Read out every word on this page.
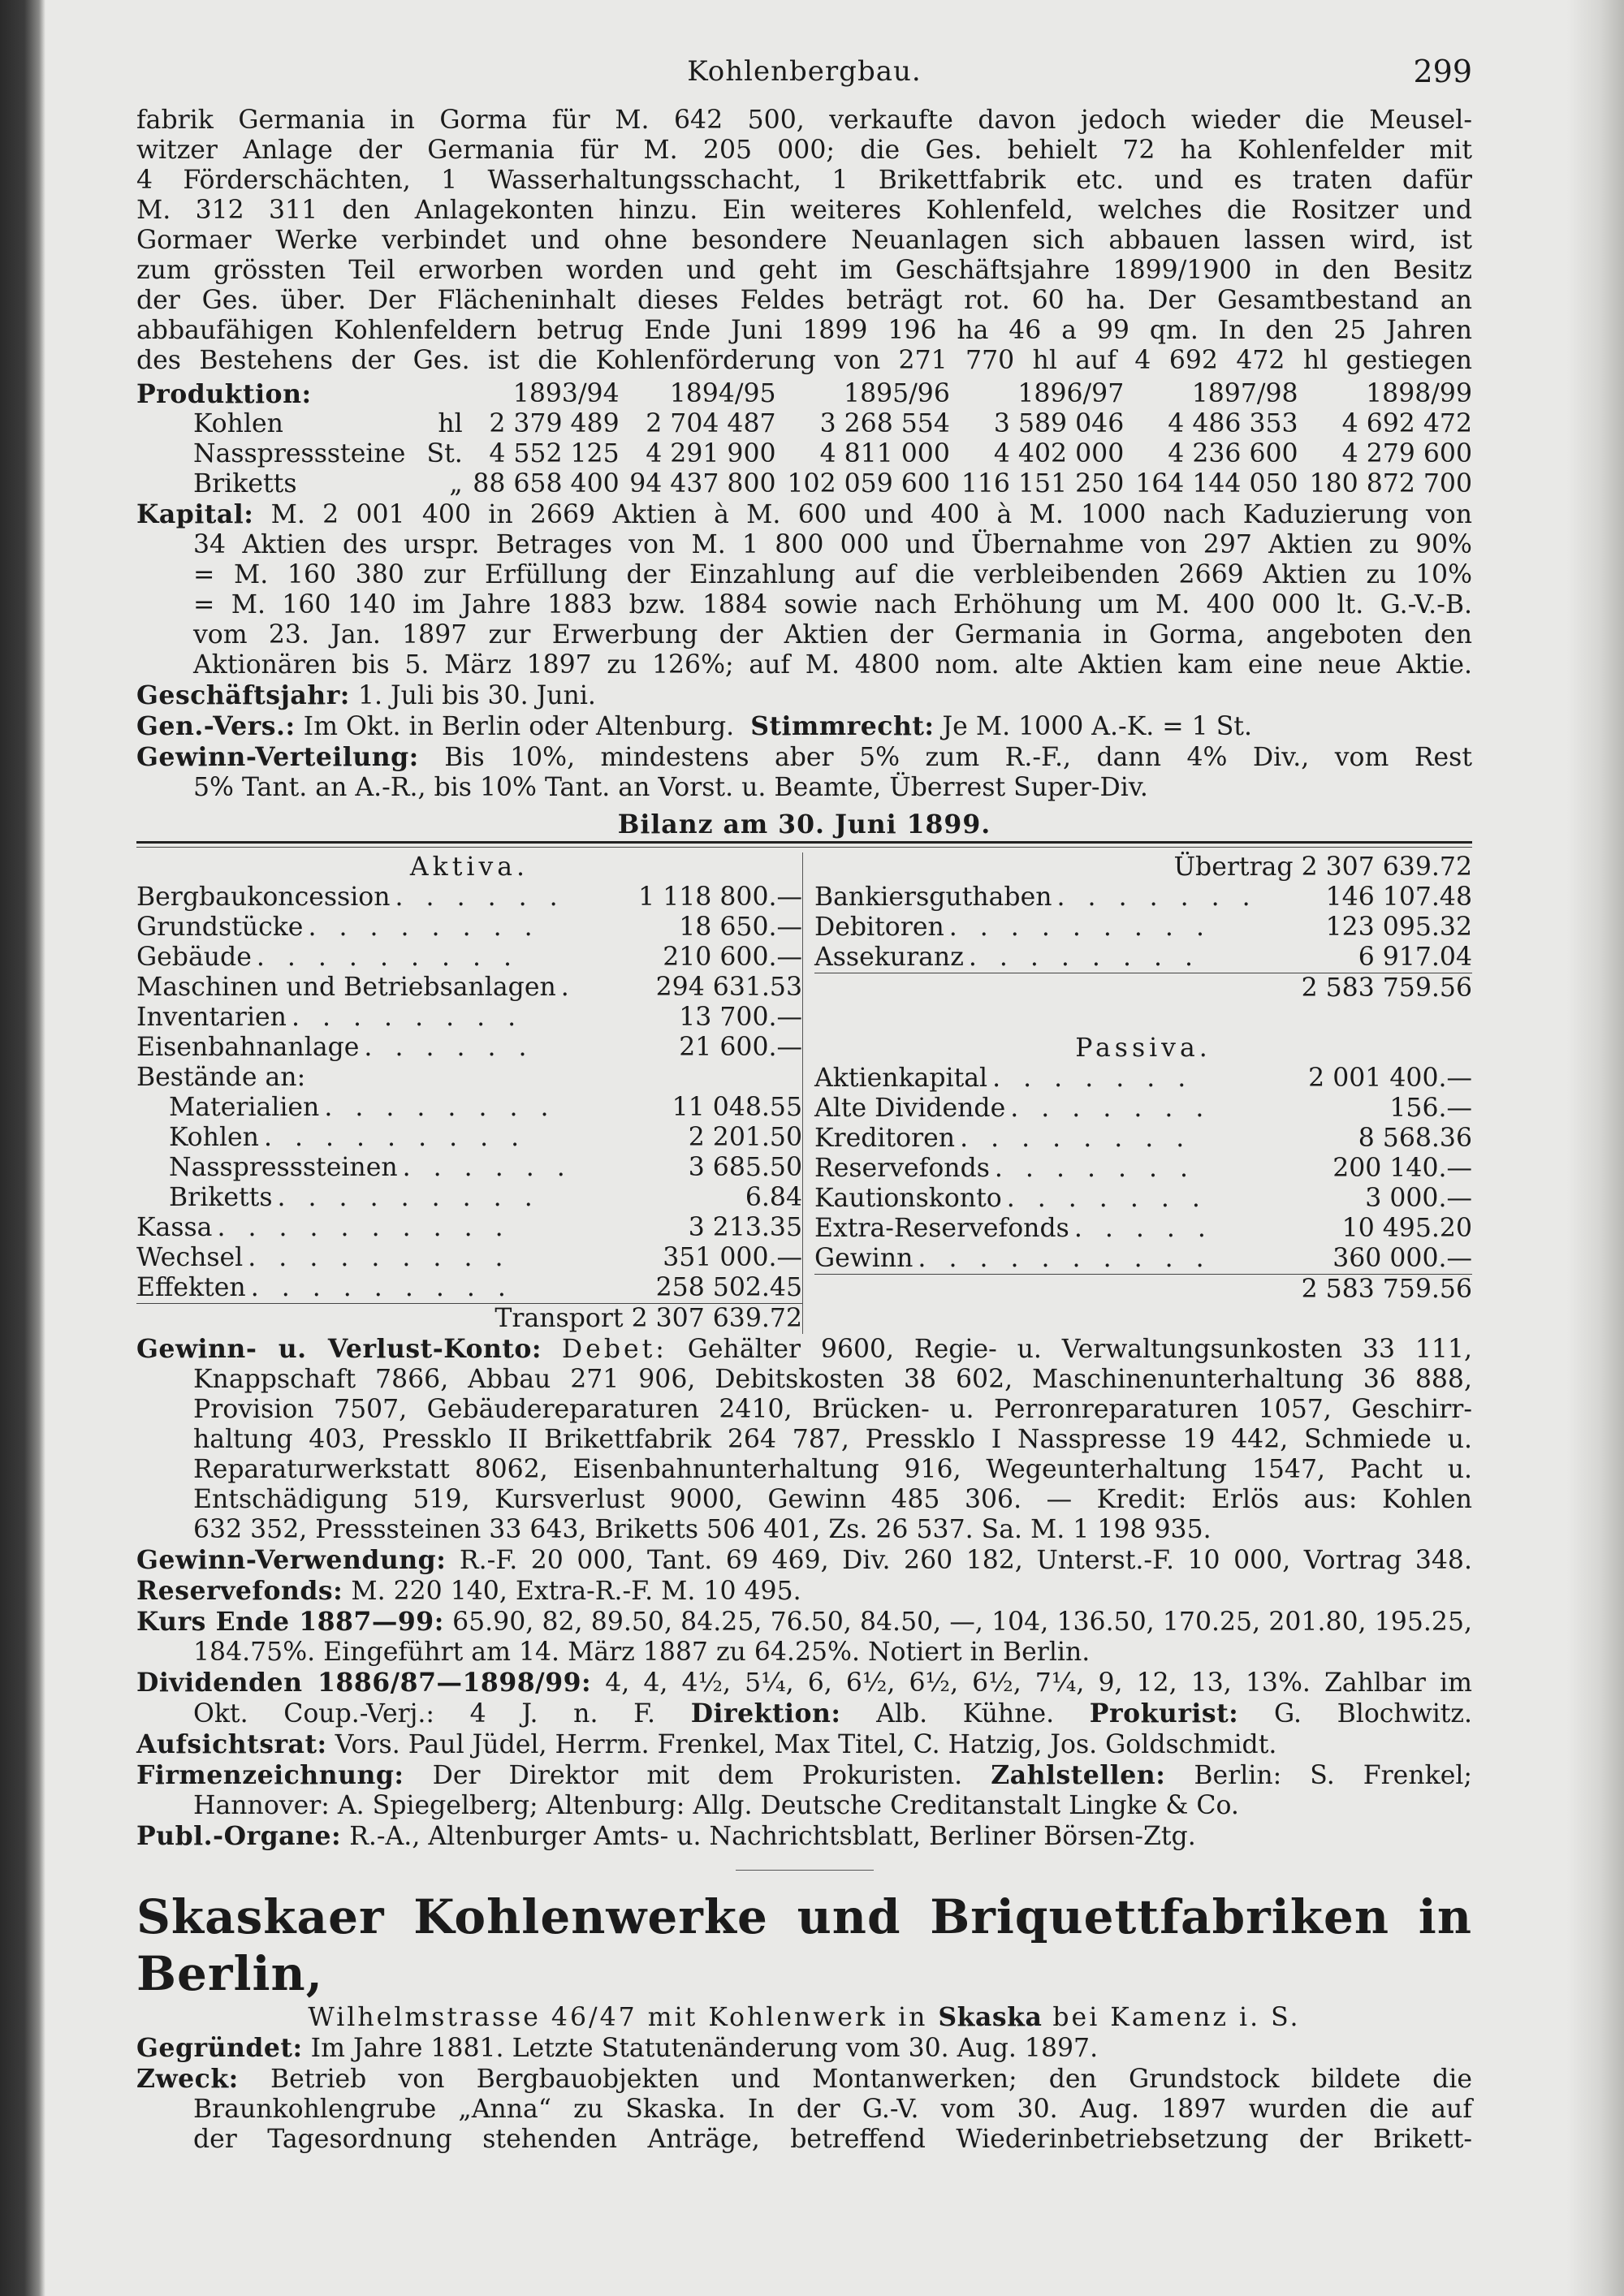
Kohlenbergbau.	299
fabrik Germania in Gorma für M. 642 500, verkaufte davon jedoch wieder die Meusel-
witzer Anlage der Germania für M. 205 000; die Ges. behielt 72 ha Kohlenfelder mit
4 Förderschächten, 1 Wasserhaltungsschacht, 1 Brikettfabrik etc. und es traten dafür
M. 312 311 den Anlagekonten hinzu. Ein weiteres Kohlenfeld, welches die Rositzer und
Gormaer Werke verbindet und ohne besondere Neuanlagen sich abbauen lassen wird, ist
zum grössten Teil erworben worden und geht im Geschäftsjahre 1899/1900 in den Besitz
der Ges. über. Der Flächeninhalt dieses Feldes beträgt rot. 60 ha. Der Gesamtbestand an
abbaufähigen Kohlenfeldern betrug Ende Juni 1899 196 ha 46 a 99 qm. In den 25 Jahren
des Bestehens der Ges. ist die Kohlenförderung von 271 770 hl auf 4 692 472 hl gestiegen
Produktion:		1893/94	1894/95	1895/96	1896/97	1897/98	1898/99
Kohlen	hl	2 379 489	2 704 487	3 268 554	3 589 046	4 486 353	4 692 472
Nasspresssteine	St.	4 552 125	4 291 900	4 811 000	4 402 000	4 236 600	4 279 600
Briketts	„	88 658 400	94 437 800	102 059 600	116 151 250	164 144 050	180 872 700
Kapital: M. 2 001 400 in 2669 Aktien à M. 600 und 400 à M. 1000 nach Kaduzierung von
34 Aktien des urspr. Betrages von M. 1 800 000 und Übernahme von 297 Aktien zu 90%
= M. 160 380 zur Erfüllung der Einzahlung auf die verbleibenden 2669 Aktien zu 10%
= M. 160 140 im Jahre 1883 bzw. 1884 sowie nach Erhöhung um M. 400 000 lt. G.-V.-B.
vom 23. Jan. 1897 zur Erwerbung der Aktien der Germania in Gorma, angeboten den
Aktionären bis 5. März 1897 zu 126%; auf M. 4800 nom. alte Aktien kam eine neue Aktie.
Geschäftsjahr: 1. Juli bis 30. Juni.
Gen.-Vers.: Im Okt. in Berlin oder Altenburg. Stimmrecht: Je M. 1000 A.-K. = 1 St.
Gewinn-Verteilung: Bis 10%, mindestens aber 5% zum R.-F., dann 4% Div., vom Rest
5% Tant. an A.-R., bis 10% Tant. an Vorst. u. Beamte, Überrest Super-Div.
Bilanz am 30. Juni 1899.
Aktiva.
Bergbaukoncession . . . . . .	1 118 800.—
Grundstücke . . . . . . . .	18 650.—
Gebäude . . . . . . . . .	210 600.—
Maschinen und Betriebsanlagen .	294 631.53
Inventarien . . . . . . . .	13 700.—
Eisenbahnanlage . . . . . .	21 600.—
Bestände an:
Materialien . . . . . . . .	11 048.55
Kohlen . . . . . . . . .	2 201.50
Nasspresssteinen . . . . . .	3 685.50
Briketts . . . . . . . . .	6.84
Kassa . . . . . . . . . .	3 213.35
Wechsel . . . . . . . . .	351 000.—
Effekten . . . . . . . . .	258 502.45
Transport 2 307 639.72
Übertrag 2 307 639.72
Bankiersguthaben . . . . . . .	146 107.48
Debitoren . . . . . . . . .	123 095.32
Assekuranz . . . . . . . .	6 917.04
2 583 759.56
Passiva.
Aktienkapital . . . . . . .	2 001 400.—
Alte Dividende . . . . . . .	156.—
Kreditoren . . . . . . . .	8 568.36
Reservefonds . . . . . . .	200 140.—
Kautionskonto . . . . . . .	3 000.—
Extra-Reservefonds . . . . .	10 495.20
Gewinn . . . . . . . . . .	360 000.—
2 583 759.56
Gewinn- u. Verlust-Konto: Debet: Gehälter 9600, Regie- u. Verwaltungsunkosten 33 111,
Knappschaft 7866, Abbau 271 906, Debitskosten 38 602, Maschinenunterhaltung 36 888,
Provision 7507, Gebäudereparaturen 2410, Brücken- u. Perronreparaturen 1057, Geschirr-
haltung 403, Pressklo II Brikettfabrik 264 787, Pressklo I Nasspresse 19 442, Schmiede u.
Reparaturwerkstatt 8062, Eisenbahnunterhaltung 916, Wegeunterhaltung 1547, Pacht u.
Entschädigung 519, Kursverlust 9000, Gewinn 485 306. — Kredit: Erlös aus: Kohlen
632 352, Presssteinen 33 643, Briketts 506 401, Zs. 26 537. Sa. M. 1 198 935.
Gewinn-Verwendung: R.-F. 20 000, Tant. 69 469, Div. 260 182, Unterst.-F. 10 000, Vortrag 348.
Reservefonds: M. 220 140, Extra-R.-F. M. 10 495.
Kurs Ende 1887—99: 65.90, 82, 89.50, 84.25, 76.50, 84.50, —, 104, 136.50, 170.25, 201.80, 195.25,
184.75%. Eingeführt am 14. März 1887 zu 64.25%. Notiert in Berlin.
Dividenden 1886/87—1898/99: 4, 4, 4½, 5¼, 6, 6½, 6½, 6½, 7¼, 9, 12, 13, 13%. Zahlbar im
Okt. Coup.-Verj.: 4 J. n. F. Direktion: Alb. Kühne. Prokurist: G. Blochwitz.
Aufsichtsrat: Vors. Paul Jüdel, Herrm. Frenkel, Max Titel, C. Hatzig, Jos. Goldschmidt.
Firmenzeichnung: Der Direktor mit dem Prokuristen. Zahlstellen: Berlin: S. Frenkel;
Hannover: A. Spiegelberg; Altenburg: Allg. Deutsche Creditanstalt Lingke & Co.
Publ.-Organe: R.-A., Altenburger Amts- u. Nachrichtsblatt, Berliner Börsen-Ztg.
Skaskaer Kohlenwerke und Briquettfabriken in Berlin,
Wilhelmstrasse 46/47 mit Kohlenwerk in Skaska bei Kamenz i. S.
Gegründet: Im Jahre 1881. Letzte Statutenänderung vom 30. Aug. 1897.
Zweck: Betrieb von Bergbauobjekten und Montanwerken; den Grundstock bildete die
Braunkohlengrube „Anna“ zu Skaska. In der G.-V. vom 30. Aug. 1897 wurden die auf
der Tagesordnung stehenden Anträge, betreffend Wiederinbetriebsetzung der Brikett-
